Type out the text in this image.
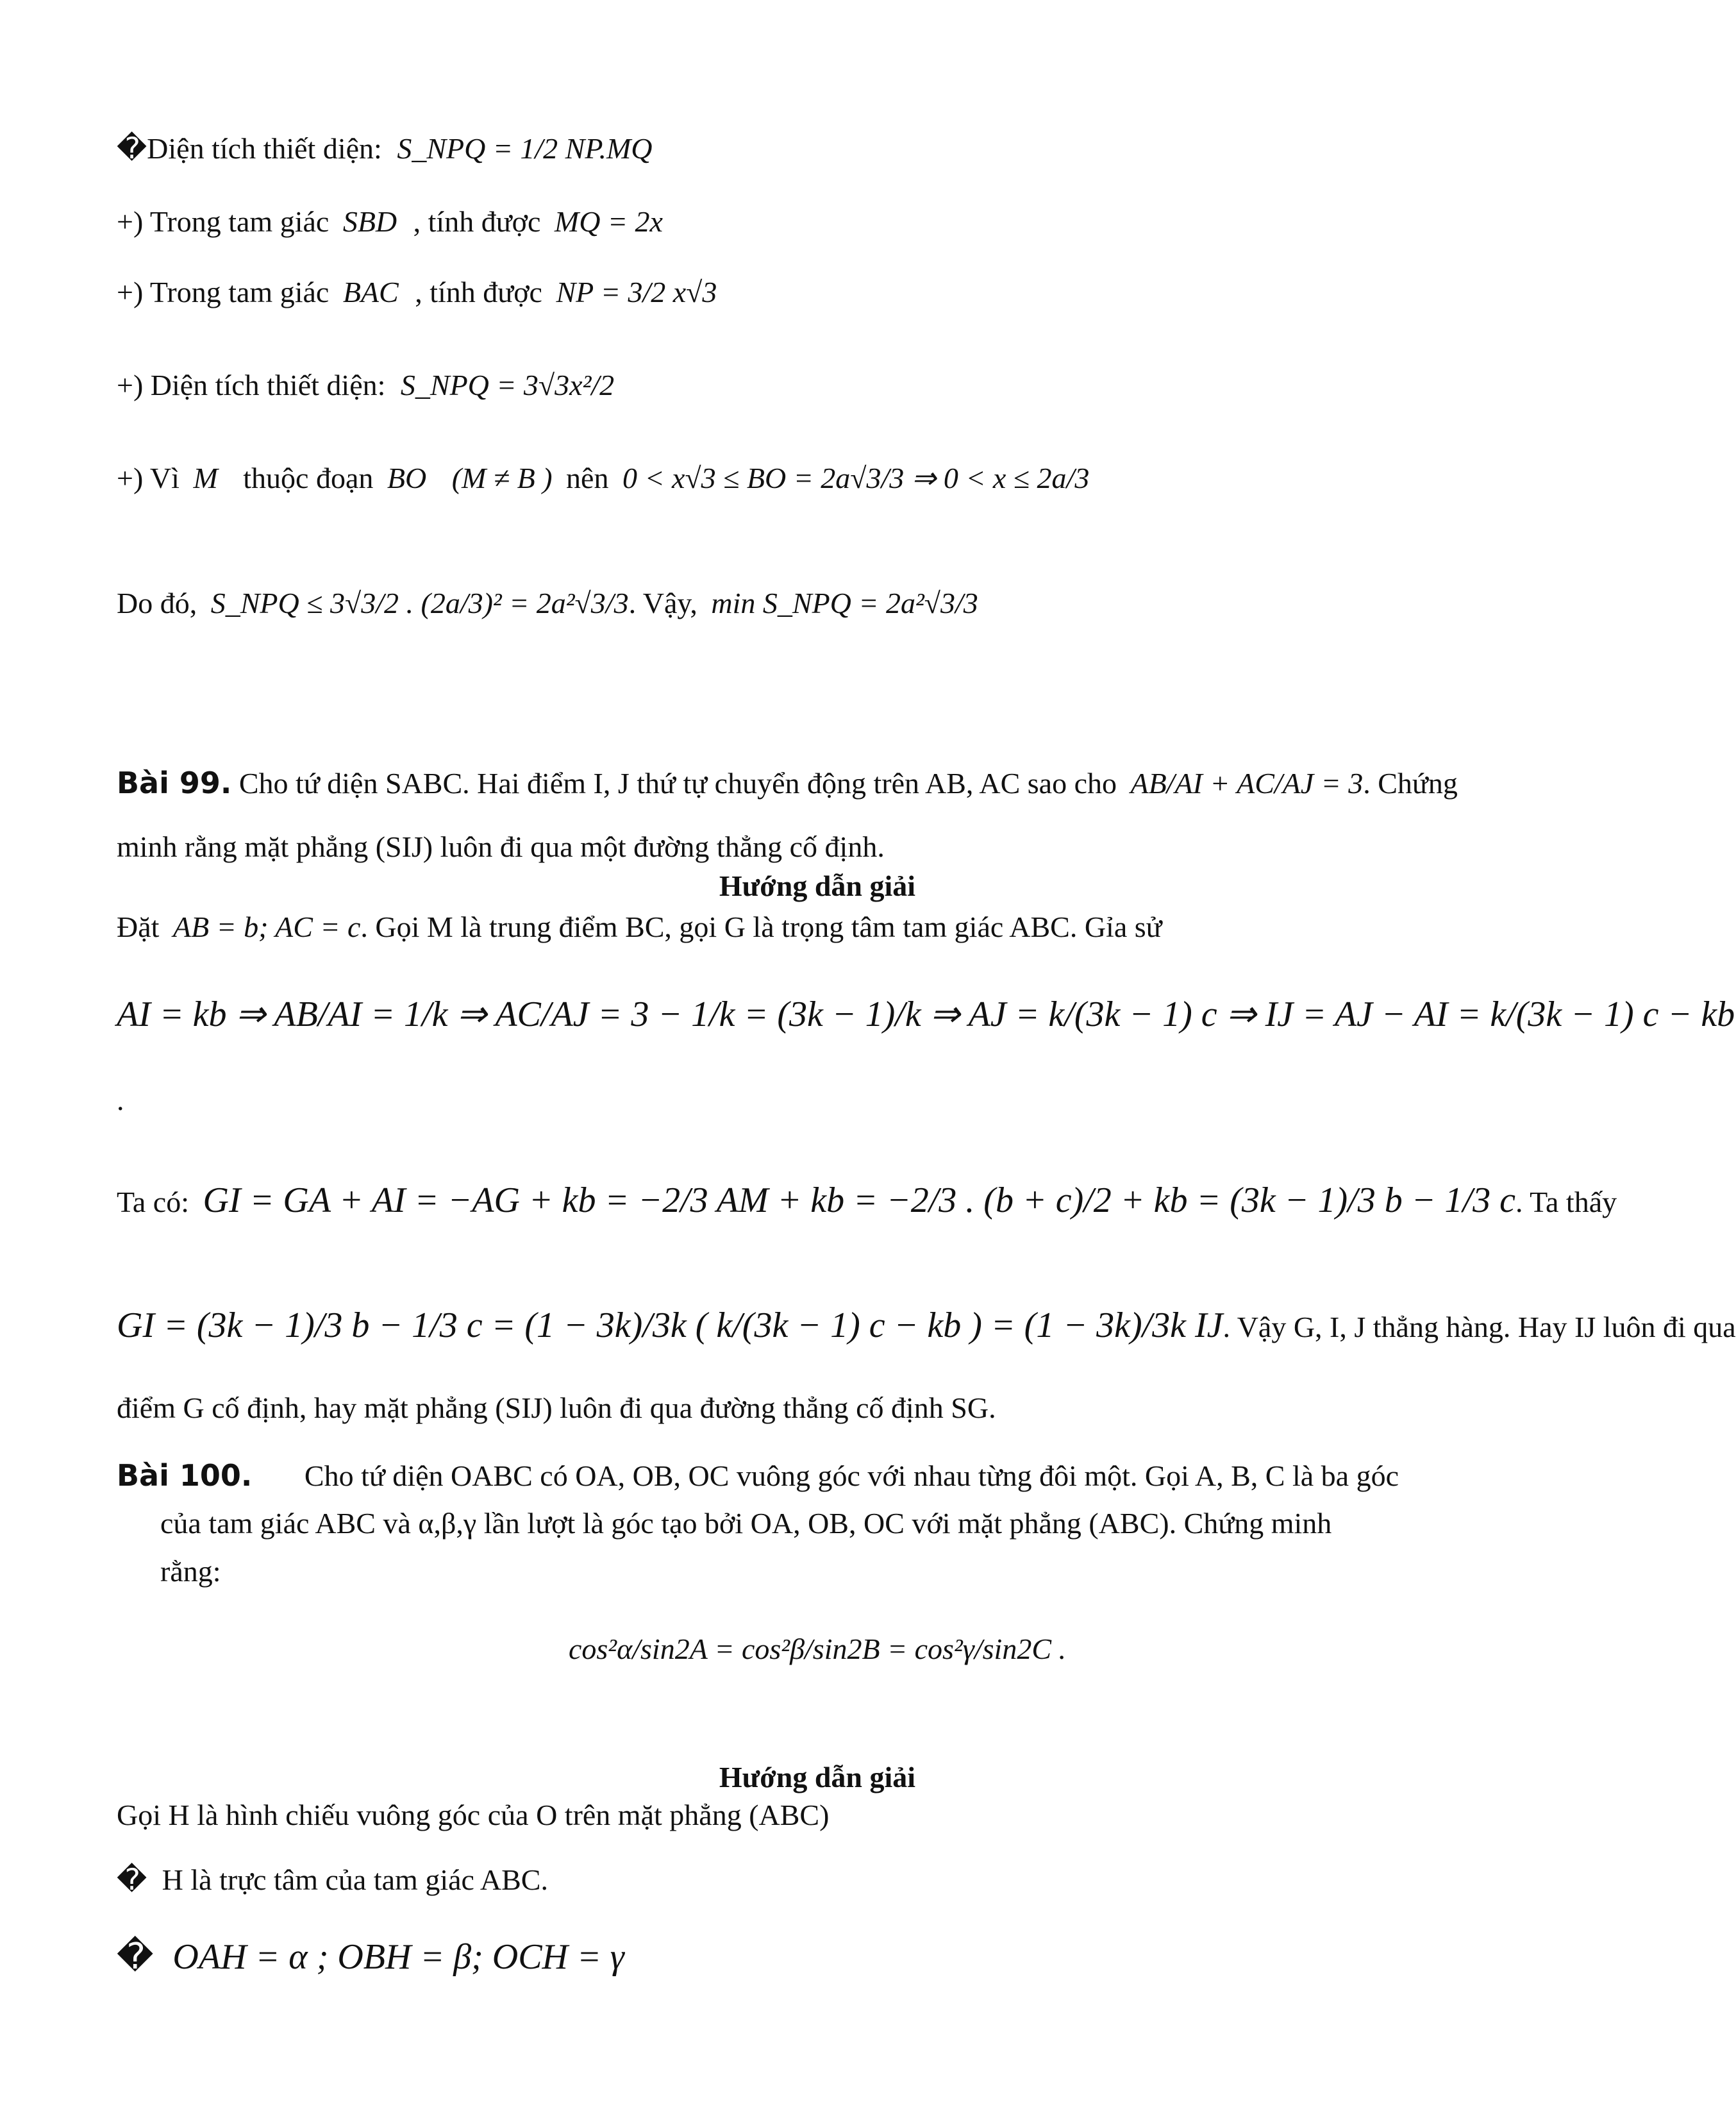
�Diện tích thiết diện: S_NPQ = 1/2 NP.MQ
+) Trong tam giác SBD , tính được MQ = 2x
+) Trong tam giác BAC , tính được NP = 3/2 x√3
+) Diện tích thiết diện: S_NPQ = 3√3x²/2
+) Vì M thuộc đoạn BO (M ≠ B ) nên 0 < x√3 ≤ BO = 2a√3/3 ⇒ 0 < x ≤ 2a/3
Do đó, S_NPQ ≤ 3√3/2 . (2a/3)² = 2a²√3/3. Vậy, min S_NPQ = 2a²√3/3
Bài 99. Cho tứ diện SABC. Hai điểm I, J thứ tự chuyển động trên AB, AC sao cho AB/AI + AC/AJ = 3. Chứng
minh rằng mặt phẳng (SIJ) luôn đi qua một đường thẳng cố định.
Hướng dẫn giải
Đặt AB = b; AC = c. Gọi M là trung điểm BC, gọi G là trọng tâm tam giác ABC. Gỉa sử
AI = kb ⇒ AB/AI = 1/k ⇒ AC/AJ = 3 − 1/k = (3k − 1)/k ⇒ AJ = k/(3k − 1) c ⇒ IJ = AJ − AI = k/(3k − 1) c − kb
.
Ta có: GI = GA + AI = −AG + kb = −2/3 AM + kb = −2/3 . (b + c)/2 + kb = (3k − 1)/3 b − 1/3 c. Ta thấy
GI = (3k − 1)/3 b − 1/3 c = (1 − 3k)/3k ( k/(3k − 1) c − kb ) = (1 − 3k)/3k IJ. Vậy G, I, J thẳng hàng. Hay IJ luôn đi qua
điểm G cố định, hay mặt phẳng (SIJ) luôn đi qua đường thẳng cố định SG.
Bài 100. Cho tứ diện OABC có OA, OB, OC vuông góc với nhau từng đôi một. Gọi A, B, C là ba góc
của tam giác ABC và α,β,γ lần lượt là góc tạo bởi OA, OB, OC với mặt phẳng (ABC). Chứng minh
rằng:
cos²α/sin2A = cos²β/sin2B = cos²γ/sin2C .
Hướng dẫn giải
Gọi H là hình chiếu vuông góc của O trên mặt phẳng (ABC)
� H là trực tâm của tam giác ABC.
� OAH = α ; OBH = β; OCH = γ
